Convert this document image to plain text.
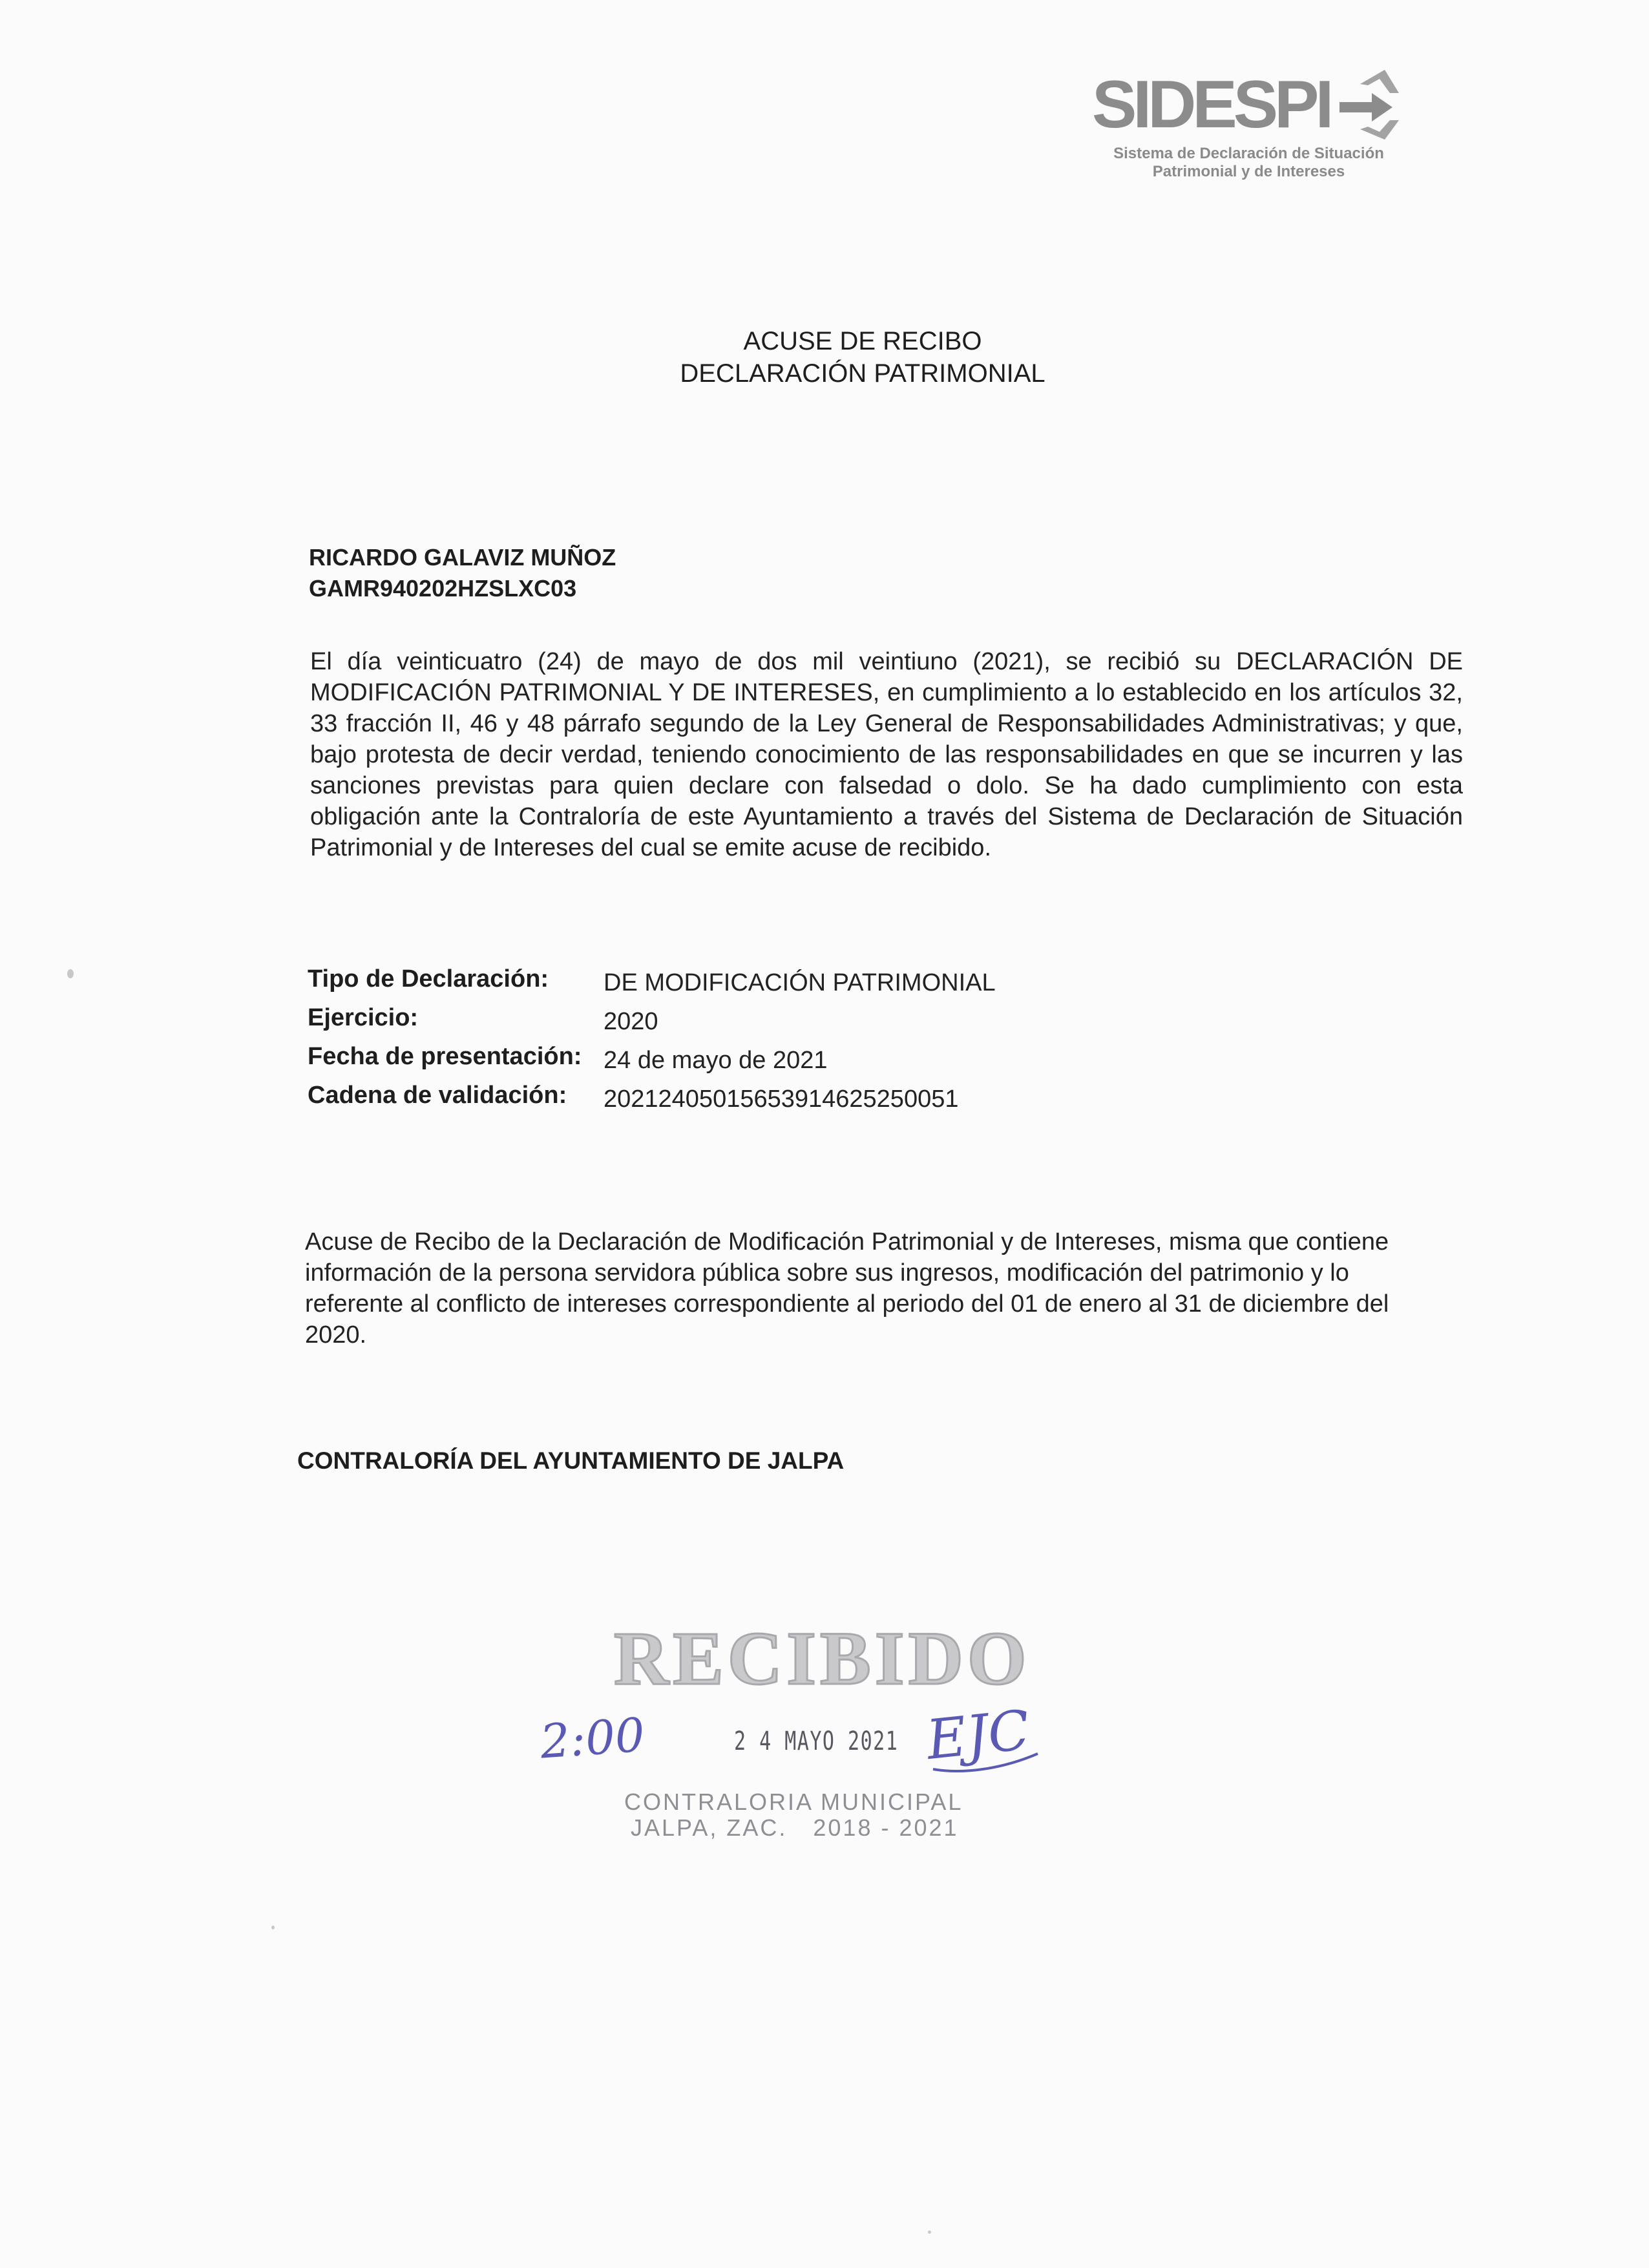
SIDESPI
Sistema de Declaración de Situación
Patrimonial y de Intereses
ACUSE DE RECIBO
DECLARACIÓN PATRIMONIAL
RICARDO GALAVIZ MUÑOZ
GAMR940202HZSLXC03
El día veinticuatro (24) de mayo de dos mil veintiuno (2021), se recibió su DECLARACIÓN DE MODIFICACIÓN PATRIMONIAL Y DE INTERESES, en cumplimiento a lo establecido en los artículos 32, 33 fracción II, 46 y 48 párrafo segundo de la Ley General de Responsabilidades Administrativas; y que, bajo protesta de decir verdad, teniendo conocimiento de las responsabilidades en que se incurren y las sanciones previstas para quien declare con falsedad o dolo. Se ha dado cumplimiento con esta obligación ante la Contraloría de este Ayuntamiento a través del Sistema de Declaración de Situación Patrimonial y de Intereses del cual se emite acuse de recibido.
Tipo de Declaración: DE MODIFICACIÓN PATRIMONIAL
Ejercicio:	2020
Fecha de presentación: 24 de mayo de 2021
Cadena de validación: 20212405015653914625250051
Acuse de Recibo de la Declaración de Modificación Patrimonial y de Intereses, misma que contiene información de la persona servidora pública sobre sus ingresos, modificación del patrimonio y lo referente al conflicto de intereses correspondiente al periodo del 01 de enero al 31 de diciembre del 2020.
CONTRALORÍA DEL AYUNTAMIENTO DE JALPA
RECIBIDO
2:00	2 4 MAYO 2021 EJC
CONTRALORIA MUNICIPAL
JALPA, ZAC. 2018 - 2021
